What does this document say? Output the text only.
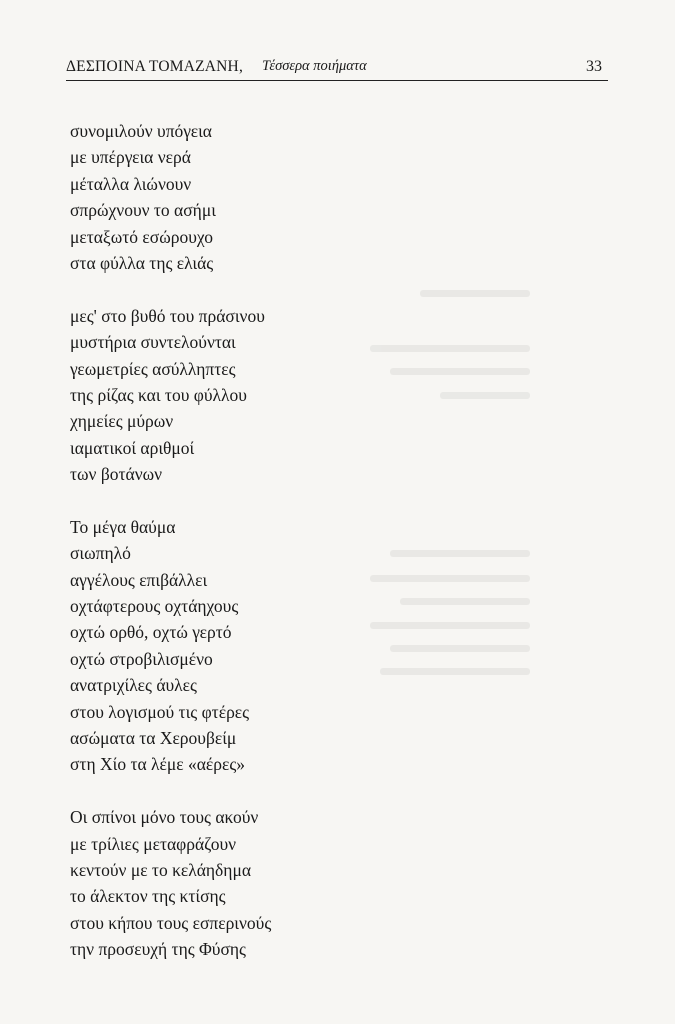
ΔΕΣΠΟΙΝΑ ΤΟΜΑΖΑΝΗ, Τέσσερα ποιήματα	33
συνομιλούν υπόγεια
με υπέργεια νερά
μέταλλα λιώνουν
σπρώχνουν το ασήμι
μεταξωτό εσώρουχο
στα φύλλα της ελιάς
μες' στο βυθό του πράσινου
μυστήρια συντελούνται
γεωμετρίες ασύλληπτες
της ρίζας και του φύλλου
χημείες μύρων
ιαματικοί αριθμοί
των βοτάνων
Το μέγα θαύμα
σιωπηλό
αγγέλους επιβάλλει
οχτάφτερους οχτάηχους
οχτώ ορθό, οχτώ γερτό
οχτώ στροβιλισμένο
ανατριχίλες άυλες
στου λογισμού τις φτέρες
ασώματα τα Χερουβείμ
στη Χίο τα λέμε «αέρες»
Οι σπίνοι μόνο τους ακούν
με τρίλιες μεταφράζουν
κεντούν με το κελάηδημα
το άλεκτον της κτίσης
στου κήπου τους εσπερινούς
την προσευχή της Φύσης
